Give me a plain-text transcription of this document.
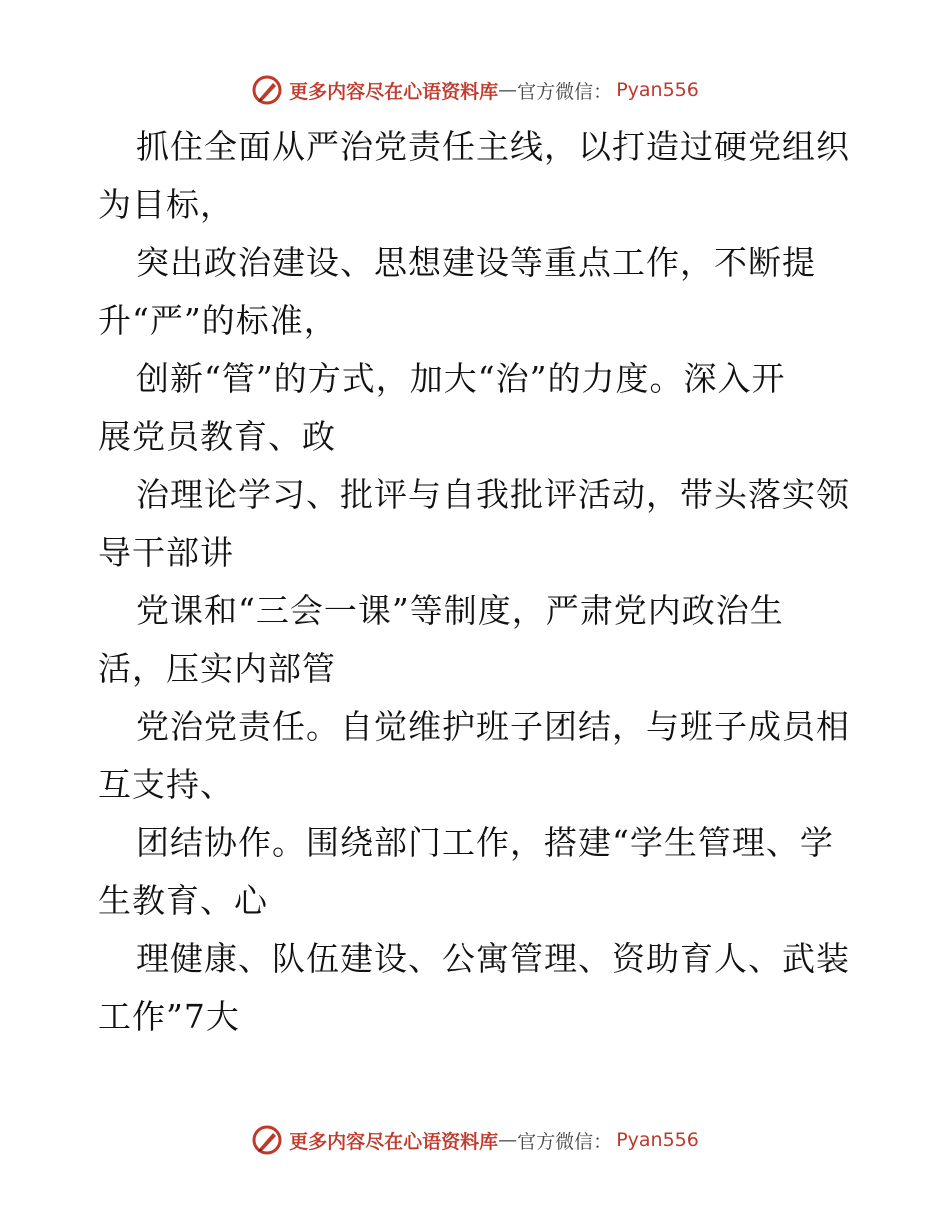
更多内容尽在心语资料库 — 官方微信： Pyan556
抓住全面从严治党责任主线，以打造过硬党组织
为目标，
突出政治建设、思想建设等重点工作，不断提
升“严”的标准，
创新“管”的方式，加大“治”的力度。深入开
展党员教育、政
治理论学习、批评与自我批评活动，带头落实领
导干部讲
党课和“三会一课”等制度，严肃党内政治生
活，压实内部管
党治党责任。自觉维护班子团结，与班子成员相
互支持、
团结协作。围绕部门工作，搭建“学生管理、学
生教育、心
理健康、队伍建设、公寓管理、资助育人、武装
工作”7大
更多内容尽在心语资料库 — 官方微信： Pyan556
